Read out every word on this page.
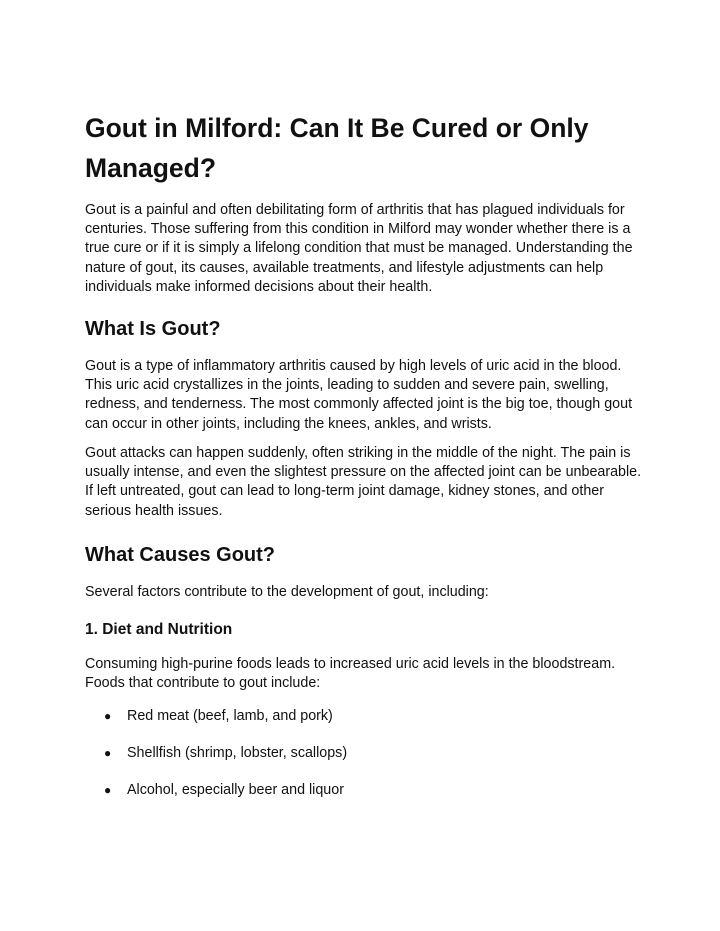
Gout in Milford: Can It Be Cured or Only Managed?

Gout is a painful and often debilitating form of arthritis that has plagued individuals for centuries. Those suffering from this condition in Milford may wonder whether there is a true cure or if it is simply a lifelong condition that must be managed. Understanding the nature of gout, its causes, available treatments, and lifestyle adjustments can help individuals make informed decisions about their health.

What Is Gout?

Gout is a type of inflammatory arthritis caused by high levels of uric acid in the blood. This uric acid crystallizes in the joints, leading to sudden and severe pain, swelling, redness, and tenderness. The most commonly affected joint is the big toe, though gout can occur in other joints, including the knees, ankles, and wrists.

Gout attacks can happen suddenly, often striking in the middle of the night. The pain is usually intense, and even the slightest pressure on the affected joint can be unbearable. If left untreated, gout can lead to long-term joint damage, kidney stones, and other serious health issues.

What Causes Gout?

Several factors contribute to the development of gout, including:

1. Diet and Nutrition

Consuming high-purine foods leads to increased uric acid levels in the bloodstream. Foods that contribute to gout include:

● Red meat (beef, lamb, and pork)
● Shellfish (shrimp, lobster, scallops)
● Alcohol, especially beer and liquor
